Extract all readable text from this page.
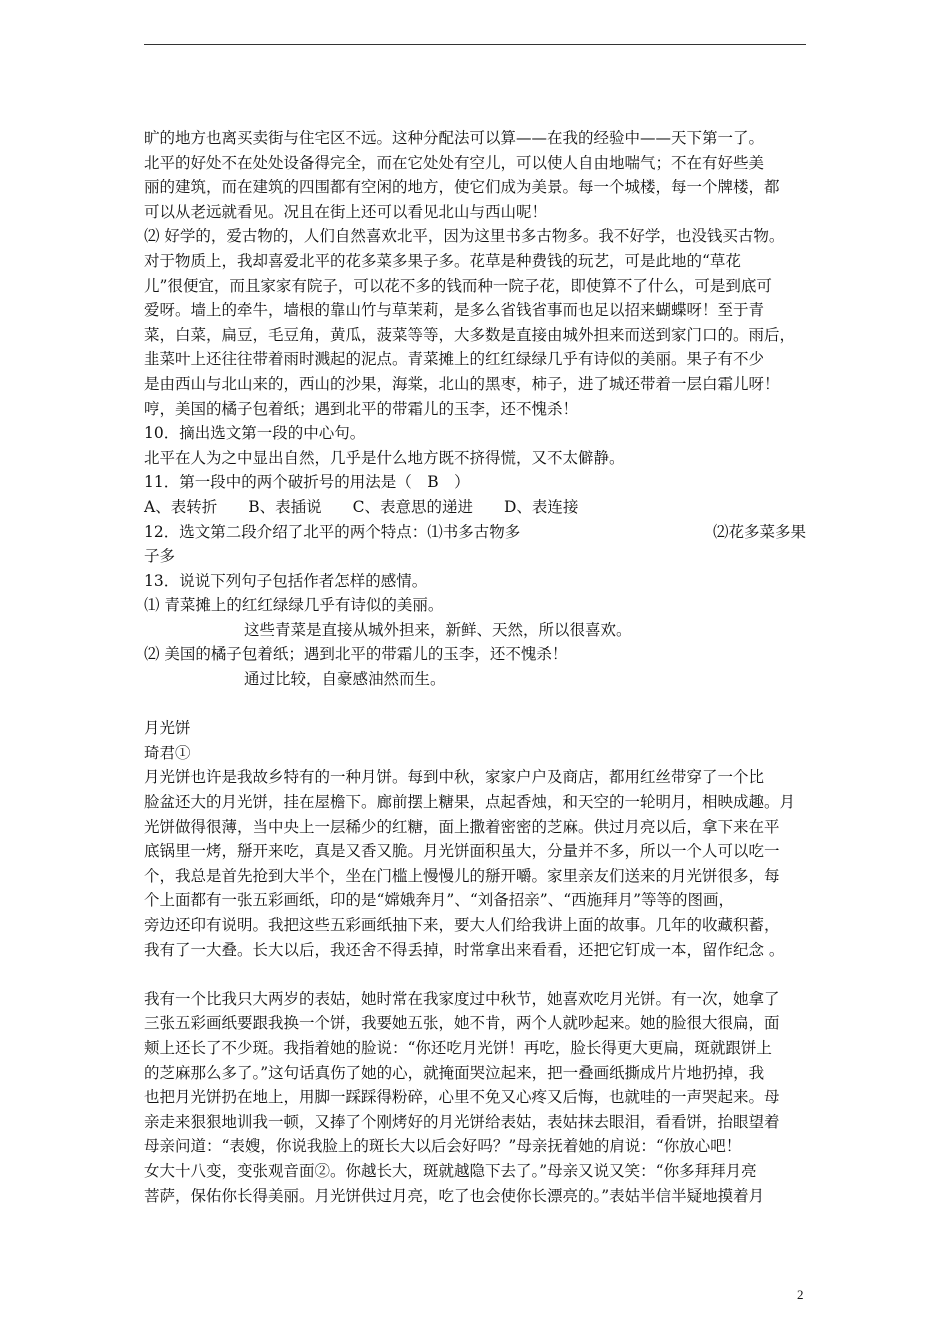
旷的地方也离买卖街与住宅区不远。这种分配法可以算——在我的经验中——天下第一了。

北平的好处不在处处设备得完全，而在它处处有空儿，可以使人自由地喘气；不在有好些美

丽的建筑，而在建筑的四围都有空闲的地方，使它们成为美景。每一个城楼，每一个牌楼，都

可以从老远就看见。况且在街上还可以看见北山与西山呢！

⑵ 好学的，爱古物的，人们自然喜欢北平，因为这里书多古物多。我不好学，也没钱买古物。

对于物质上，我却喜爱北平的花多菜多果子多。花草是种费钱的玩艺，可是此地的“草花

儿”很便宜，而且家家有院子，可以花不多的钱而种一院子花，即使算不了什么，可是到底可

爱呀。墙上的牵牛，墙根的靠山竹与草茉莉，是多么省钱省事而也足以招来蝴蝶呀！至于青

菜，白菜，扁豆，毛豆角，黄瓜，菠菜等等，大多数是直接由城外担来而送到家门口的。雨后，

韭菜叶上还往往带着雨时溅起的泥点。青菜摊上的红红绿绿几乎有诗似的美丽。果子有不少

是由西山与北山来的，西山的沙果，海棠，北山的黑枣，柿子，进了城还带着一层白霜儿呀！

哼，美国的橘子包着纸；遇到北平的带霜儿的玉李，还不愧杀！

10．摘出选文第一段的中心句。

北平在人为之中显出自然，几乎是什么地方既不挤得慌，又不太僻静。

11．第一段中的两个破折号的用法是（　B　）

A、表转折　　B、表插说　　C、表意思的递进　　D、表连接

12．选文第二段介绍了北平的两个特点：⑴书多古物多	⑵花多菜多果

子多

13．说说下列句子包括作者怎样的感情。

⑴ 青菜摊上的红红绿绿几乎有诗似的美丽。

这些青菜是直接从城外担来，新鲜、天然，所以很喜欢。

⑵ 美国的橘子包着纸；遇到北平的带霜儿的玉李，还不愧杀！

通过比较，自豪感油然而生。

月光饼

琦君①

月光饼也许是我故乡特有的一种月饼。每到中秋，家家户户及商店，都用红丝带穿了一个比

脸盆还大的月光饼，挂在屋檐下。廊前摆上糖果，点起香烛，和天空的一轮明月，相映成趣。月

光饼做得很薄，当中央上一层稀少的红糖，面上撒着密密的芝麻。供过月亮以后，拿下来在平

底锅里一烤，掰开来吃，真是又香又脆。月光饼面积虽大，分量并不多，所以一个人可以吃一

个，我总是首先抢到大半个，坐在门槛上慢慢儿的掰开嚼。家里亲友们送来的月光饼很多，每

个上面都有一张五彩画纸，印的是“嫦娥奔月”、“刘备招亲”、“西施拜月”等等的图画，

旁边还印有说明。我把这些五彩画纸抽下来，要大人们给我讲上面的故事。几年的收藏积蓄，

我有了一大叠。长大以后，我还舍不得丢掉，时常拿出来看看，还把它钉成一本，留作纪念 。

我有一个比我只大两岁的表姑，她时常在我家度过中秋节，她喜欢吃月光饼。有一次，她拿了

三张五彩画纸要跟我换一个饼，我要她五张，她不肯，两个人就吵起来。她的脸很大很扁，面

颊上还长了不少斑。我指着她的脸说：“你还吃月光饼！再吃，脸长得更大更扁，斑就跟饼上

的芝麻那么多了。”这句话真伤了她的心，就掩面哭泣起来，把一叠画纸撕成片片地扔掉，我

也把月光饼扔在地上，用脚一踩踩得粉碎，心里不免又心疼又后悔，也就哇的一声哭起来。母

亲走来狠狠地训我一顿，又捧了个刚烤好的月光饼给表姑，表姑抹去眼泪，看看饼，抬眼望着

母亲问道：“表嫂，你说我脸上的斑长大以后会好吗？”母亲抚着她的肩说：“你放心吧！

女大十八变，变张观音面②。你越长大，斑就越隐下去了。”母亲又说又笑：“你多拜拜月亮

菩萨，保佑你长得美丽。月光饼供过月亮，吃了也会使你长漂亮的。”表姑半信半疑地摸着月

2
